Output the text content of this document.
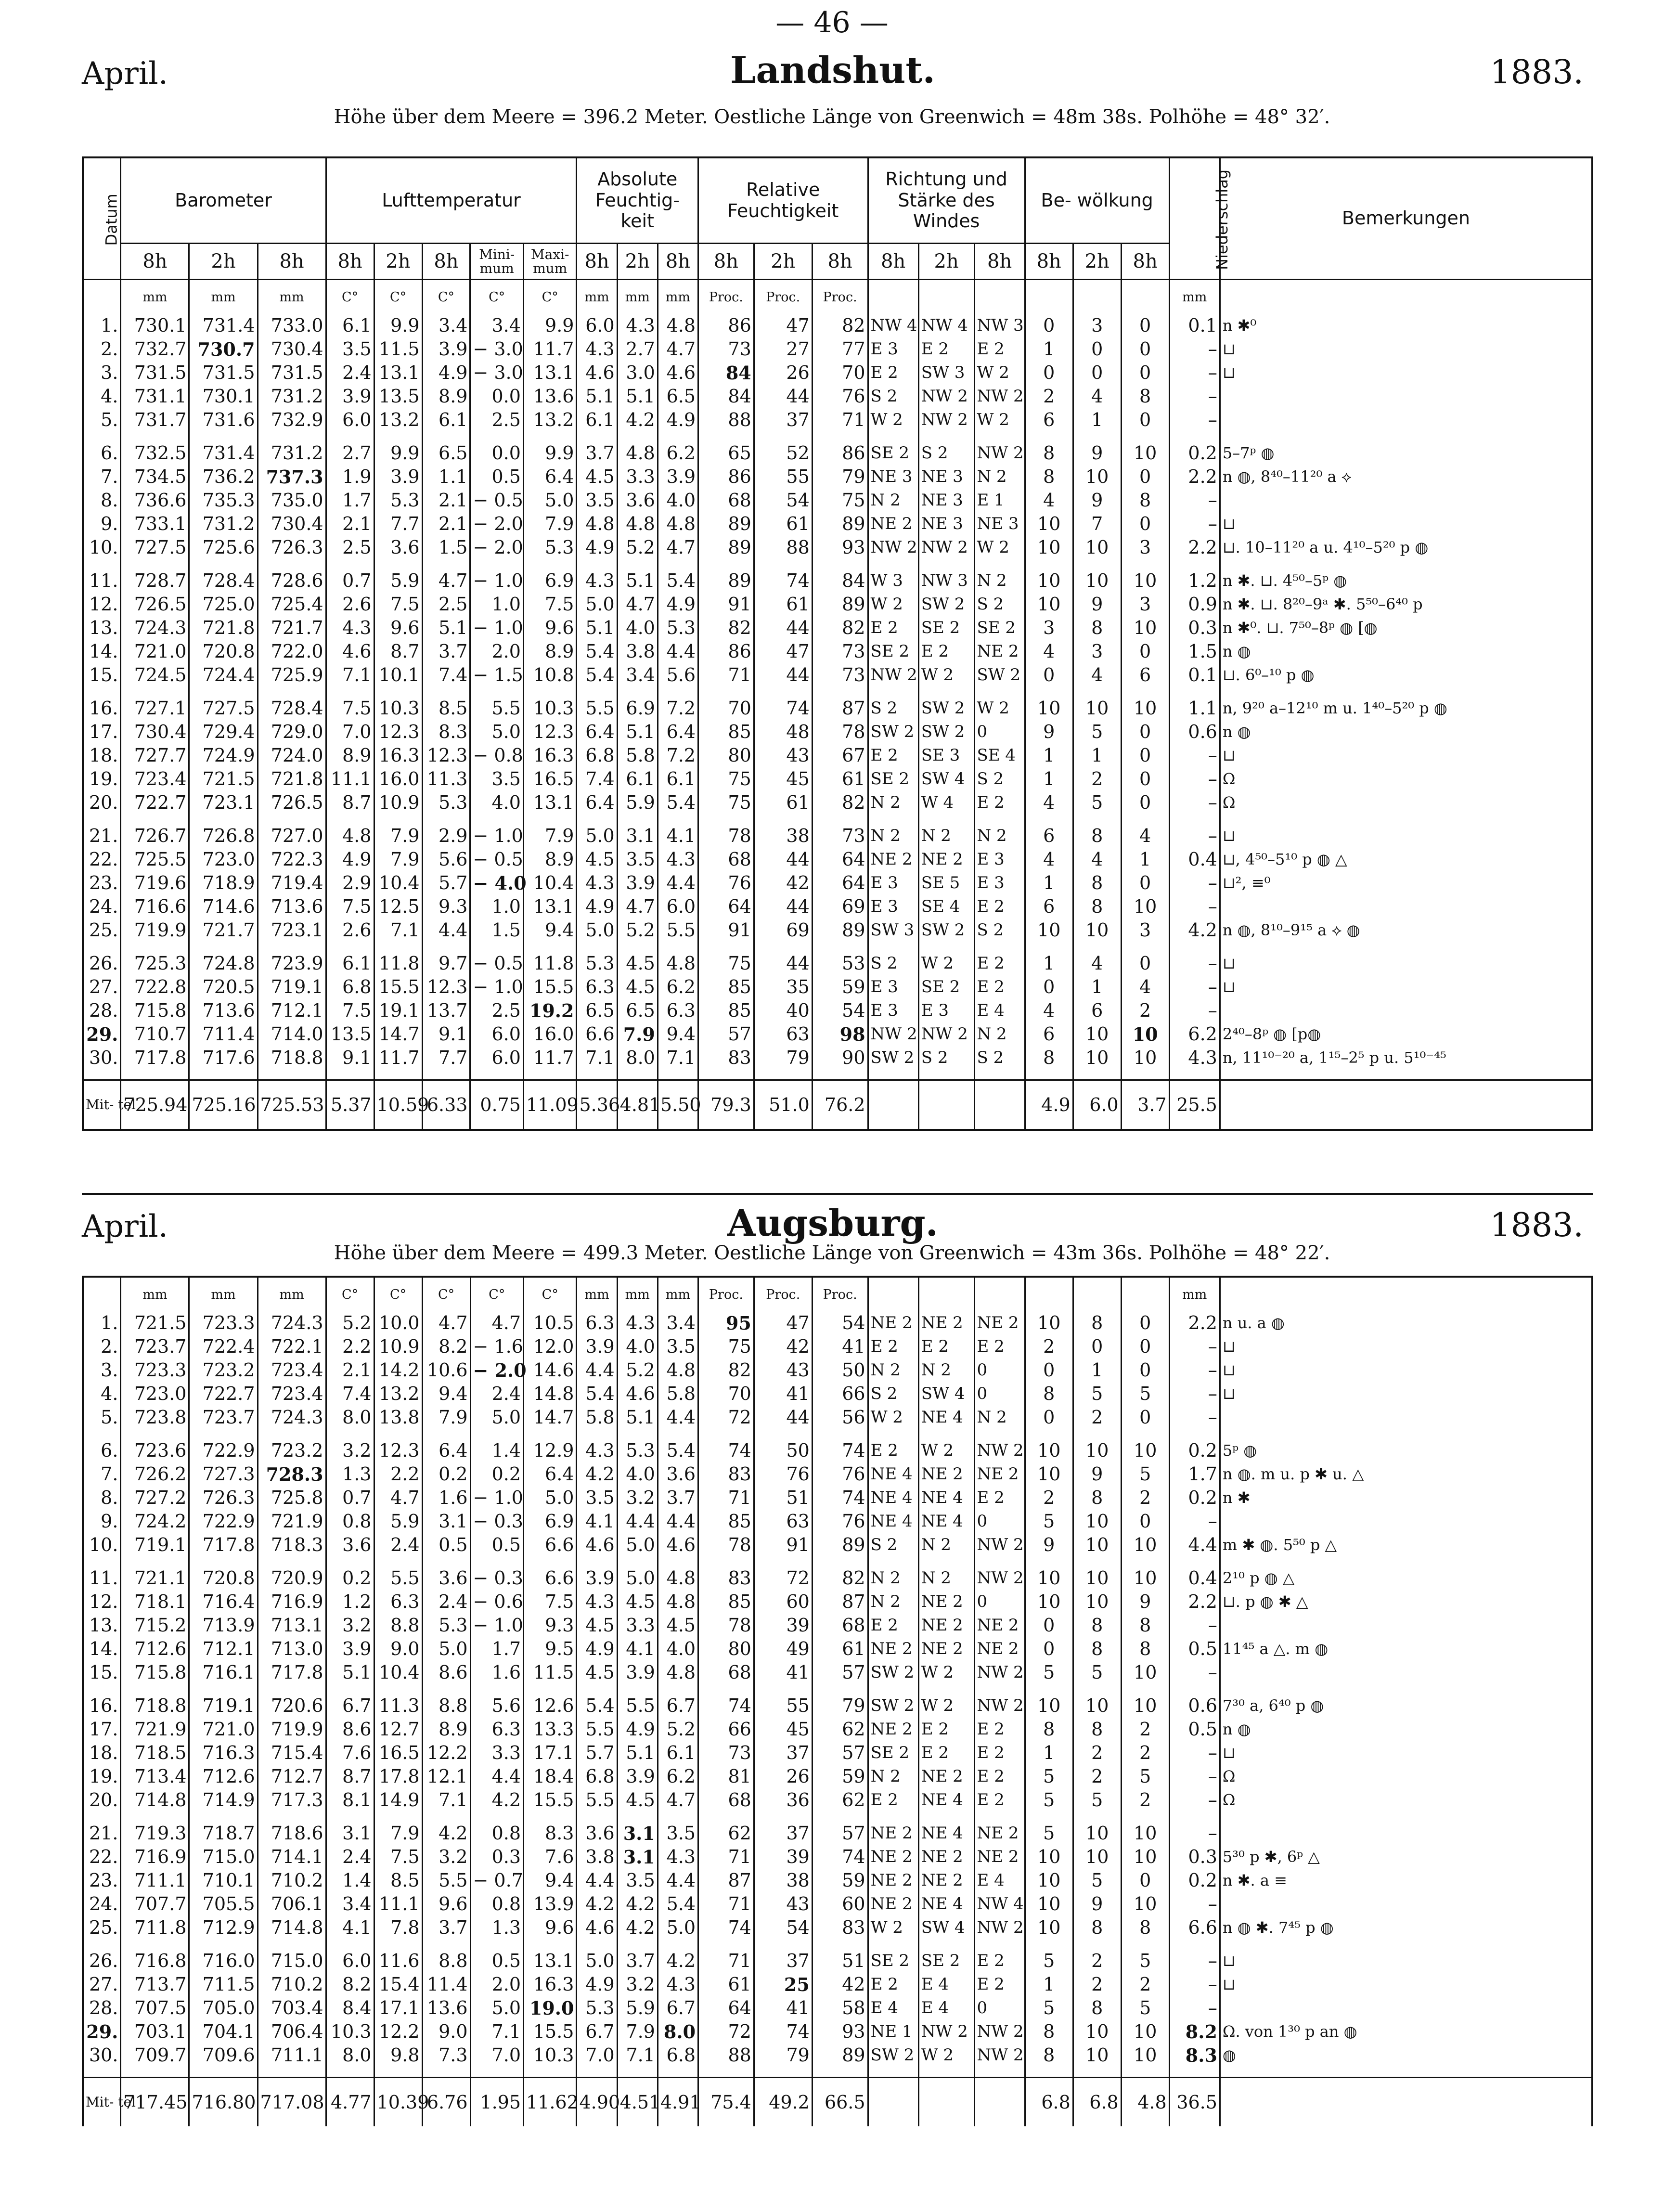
— 46 —
April.	Landshut.	1883.
Höhe über dem Meere = 396.2 Meter. Oestliche Länge von Greenwich = 48m 38s. Polhöhe = 48° 32′.
Datum	Barometer			Lufttemperatur					Absolute Feuchtig- keit			Relative Feuchtigkeit			Richtung und Stärke des Windes			Be- wölkung			Niederschlag	Bemerkungen
	8h	2h	8h	8h	2h	8h	Mini- mum	Maxi- mum	8h	2h	8h	8h	2h	8h	8h	2h	8h	8h	2h	8h		
	mm	mm	mm	C°	C°	C°	C°	C°	mm	mm	mm	Proc.	Proc.	Proc.							mm	
1.	730.1	731.4	733.0	6.1	9.9	3.4	3.4	9.9	6.0	4.3	4.8	86	47	82	NW 4	NW 4	NW 3	0	3	0	0.1	n ✱⁰
2.	732.7	730.7	730.4	3.5	11.5	3.9	− 3.0	11.7	4.3	2.7	4.7	73	27	77	E 3	E 2	E 2	1	0	0	–	⊔
3.	731.5	731.5	731.5	2.4	13.1	4.9	− 3.0	13.1	4.6	3.0	4.6	84	26	70	E 2	SW 3	W 2	0	0	0	–	⊔
4.	731.1	730.1	731.2	3.9	13.5	8.9	0.0	13.6	5.1	5.1	6.5	84	44	76	S 2	NW 2	NW 2	2	4	8	–	
5.	731.7	731.6	732.9	6.0	13.2	6.1	2.5	13.2	6.1	4.2	4.9	88	37	71	W 2	NW 2	W 2	6	1	0	–	

6.	732.5	731.4	731.2	2.7	9.9	6.5	0.0	9.9	3.7	4.8	6.2	65	52	86	SE 2	S 2	NW 2	8	9	10	0.2	5–7ᵖ ◍
7.	734.5	736.2	737.3	1.9	3.9	1.1	0.5	6.4	4.5	3.3	3.9	86	55	79	NE 3	NE 3	N 2	8	10	0	2.2	n ◍, 8⁴⁰–11²⁰ a ⟡
8.	736.6	735.3	735.0	1.7	5.3	2.1	− 0.5	5.0	3.5	3.6	4.0	68	54	75	N 2	NE 3	E 1	4	9	8	–	
9.	733.1	731.2	730.4	2.1	7.7	2.1	− 2.0	7.9	4.8	4.8	4.8	89	61	89	NE 2	NE 3	NE 3	10	7	0	–	⊔
10.	727.5	725.6	726.3	2.5	3.6	1.5	− 2.0	5.3	4.9	5.2	4.7	89	88	93	NW 2	NW 2	W 2	10	10	3	2.2	⊔. 10–11²⁰ a u. 4¹⁰–5²⁰ p ◍

11.	728.7	728.4	728.6	0.7	5.9	4.7	− 1.0	6.9	4.3	5.1	5.4	89	74	84	W 3	NW 3	N 2	10	10	10	1.2	n ✱. ⊔. 4⁵⁰–5ᵖ ◍
12.	726.5	725.0	725.4	2.6	7.5	2.5	1.0	7.5	5.0	4.7	4.9	91	61	89	W 2	SW 2	S 2	10	9	3	0.9	n ✱. ⊔. 8²⁰–9ᵃ ✱. 5⁵⁰–6⁴⁰ p
13.	724.3	721.8	721.7	4.3	9.6	5.1	− 1.0	9.6	5.1	4.0	5.3	82	44	82	E 2	SE 2	SE 2	3	8	10	0.3	n ✱⁰. ⊔. 7⁵⁰–8ᵖ ◍ [◍
14.	721.0	720.8	722.0	4.6	8.7	3.7	2.0	8.9	5.4	3.8	4.4	86	47	73	SE 2	E 2	NE 2	4	3	0	1.5	n ◍
15.	724.5	724.4	725.9	7.1	10.1	7.4	− 1.5	10.8	5.4	3.4	5.6	71	44	73	NW 2	W 2	SW 2	0	4	6	0.1	⊔. 6⁰–¹⁰ p ◍

16.	727.1	727.5	728.4	7.5	10.3	8.5	5.5	10.3	5.5	6.9	7.2	70	74	87	S 2	SW 2	W 2	10	10	10	1.1	n, 9²⁰ a–12¹⁰ m u. 1⁴⁰–5²⁰ p ◍
17.	730.4	729.4	729.0	7.0	12.3	8.3	5.0	12.3	6.4	5.1	6.4	85	48	78	SW 2	SW 2	0	9	5	0	0.6	n ◍
18.	727.7	724.9	724.0	8.9	16.3	12.3	− 0.8	16.3	6.8	5.8	7.2	80	43	67	E 2	SE 3	SE 4	1	1	0	–	⊔
19.	723.4	721.5	721.8	11.1	16.0	11.3	3.5	16.5	7.4	6.1	6.1	75	45	61	SE 2	SW 4	S 2	1	2	0	–	Ω
20.	722.7	723.1	726.5	8.7	10.9	5.3	4.0	13.1	6.4	5.9	5.4	75	61	82	N 2	W 4	E 2	4	5	0	–	Ω

21.	726.7	726.8	727.0	4.8	7.9	2.9	− 1.0	7.9	5.0	3.1	4.1	78	38	73	N 2	N 2	N 2	6	8	4	–	⊔
22.	725.5	723.0	722.3	4.9	7.9	5.6	− 0.5	8.9	4.5	3.5	4.3	68	44	64	NE 2	NE 2	E 3	4	4	1	0.4	⊔, 4⁵⁰–5¹⁰ p ◍ △
23.	719.6	718.9	719.4	2.9	10.4	5.7	− 4.0	10.4	4.3	3.9	4.4	76	42	64	E 3	SE 5	E 3	1	8	0	–	⊔², ≡⁰
24.	716.6	714.6	713.6	7.5	12.5	9.3	1.0	13.1	4.9	4.7	6.0	64	44	69	E 3	SE 4	E 2	6	8	10	–	
25.	719.9	721.7	723.1	2.6	7.1	4.4	1.5	9.4	5.0	5.2	5.5	91	69	89	SW 3	SW 2	S 2	10	10	3	4.2	n ◍, 8¹⁰–9¹⁵ a ⟡ ◍

26.	725.3	724.8	723.9	6.1	11.8	9.7	− 0.5	11.8	5.3	4.5	4.8	75	44	53	S 2	W 2	E 2	1	4	0	–	⊔
27.	722.8	720.5	719.1	6.8	15.5	12.3	− 1.0	15.5	6.3	4.5	6.2	85	35	59	E 3	SE 2	E 2	0	1	4	–	⊔
28.	715.8	713.6	712.1	7.5	19.1	13.7	2.5	19.2	6.5	6.5	6.3	85	40	54	E 3	E 3	E 4	4	6	2	–	
29.	710.7	711.4	714.0	13.5	14.7	9.1	6.0	16.0	6.6	7.9	9.4	57	63	98	NW 2	NW 2	N 2	6	10	10	6.2	2⁴⁰–8ᵖ ◍ [p◍
30.	717.8	717.6	718.8	9.1	11.7	7.7	6.0	11.7	7.1	8.0	7.1	83	79	90	SW 2	S 2	S 2	8	10	10	4.3	n, 11¹⁰⁻²⁰ a, 1¹⁵–2⁵ p u. 5¹⁰⁻⁴⁵

Mit- tel	725.94	725.16	725.53	5.37	10.59	6.33	0.75	11.09	5.36	4.81	5.50	79.3	51.0	76.2				4.9	6.0	3.7	25.5	
April.	Augsburg.	1883.
Höhe über dem Meere = 499.3 Meter. Oestliche Länge von Greenwich = 43m 36s. Polhöhe = 48° 22′.
	mm	mm	mm	C°	C°	C°	C°	C°	mm	mm	mm	Proc.	Proc.	Proc.							mm	
1.	721.5	723.3	724.3	5.2	10.0	4.7	4.7	10.5	6.3	4.3	3.4	95	47	54	NE 2	NE 2	NE 2	10	8	0	2.2	n u. a ◍
2.	723.7	722.4	722.1	2.2	10.9	8.2	− 1.6	12.0	3.9	4.0	3.5	75	42	41	E 2	E 2	E 2	2	0	0	–	⊔
3.	723.3	723.2	723.4	2.1	14.2	10.6	− 2.0	14.6	4.4	5.2	4.8	82	43	50	N 2	N 2	0	0	1	0	–	⊔
4.	723.0	722.7	723.4	7.4	13.2	9.4	2.4	14.8	5.4	4.6	5.8	70	41	66	S 2	SW 4	0	8	5	5	–	⊔
5.	723.8	723.7	724.3	8.0	13.8	7.9	5.0	14.7	5.8	5.1	4.4	72	44	56	W 2	NE 4	N 2	0	2	0	–	

6.	723.6	722.9	723.2	3.2	12.3	6.4	1.4	12.9	4.3	5.3	5.4	74	50	74	E 2	W 2	NW 2	10	10	10	0.2	5ᵖ ◍
7.	726.2	727.3	728.3	1.3	2.2	0.2	0.2	6.4	4.2	4.0	3.6	83	76	76	NE 4	NE 2	NE 2	10	9	5	1.7	n ◍. m u. p ✱ u. △
8.	727.2	726.3	725.8	0.7	4.7	1.6	− 1.0	5.0	3.5	3.2	3.7	71	51	74	NE 4	NE 4	E 2	2	8	2	0.2	n ✱
9.	724.2	722.9	721.9	0.8	5.9	3.1	− 0.3	6.9	4.1	4.4	4.4	85	63	76	NE 4	NE 4	0	5	10	0	–	
10.	719.1	717.8	718.3	3.6	2.4	0.5	0.5	6.6	4.6	5.0	4.6	78	91	89	S 2	N 2	NW 2	9	10	10	4.4	m ✱ ◍. 5⁵⁰ p △

11.	721.1	720.8	720.9	0.2	5.5	3.6	− 0.3	6.6	3.9	5.0	4.8	83	72	82	N 2	N 2	NW 2	10	10	10	0.4	2¹⁰ p ◍ △
12.	718.1	716.4	716.9	1.2	6.3	2.4	− 0.6	7.5	4.3	4.5	4.8	85	60	87	N 2	NE 2	0	10	10	9	2.2	⊔. p ◍ ✱ △
13.	715.2	713.9	713.1	3.2	8.8	5.3	− 1.0	9.3	4.5	3.3	4.5	78	39	68	E 2	NE 2	NE 2	0	8	8	–	
14.	712.6	712.1	713.0	3.9	9.0	5.0	1.7	9.5	4.9	4.1	4.0	80	49	61	NE 2	NE 2	NE 2	0	8	8	0.5	11⁴⁵ a △. m ◍
15.	715.8	716.1	717.8	5.1	10.4	8.6	1.6	11.5	4.5	3.9	4.8	68	41	57	SW 2	W 2	NW 2	5	5	10	–	

16.	718.8	719.1	720.6	6.7	11.3	8.8	5.6	12.6	5.4	5.5	6.7	74	55	79	SW 2	W 2	NW 2	10	10	10	0.6	7³⁰ a, 6⁴⁰ p ◍
17.	721.9	721.0	719.9	8.6	12.7	8.9	6.3	13.3	5.5	4.9	5.2	66	45	62	NE 2	E 2	E 2	8	8	2	0.5	n ◍
18.	718.5	716.3	715.4	7.6	16.5	12.2	3.3	17.1	5.7	5.1	6.1	73	37	57	SE 2	E 2	E 2	1	2	2	–	⊔
19.	713.4	712.6	712.7	8.7	17.8	12.1	4.4	18.4	6.8	3.9	6.2	81	26	59	N 2	NE 2	E 2	5	2	5	–	Ω
20.	714.8	714.9	717.3	8.1	14.9	7.1	4.2	15.5	5.5	4.5	4.7	68	36	62	E 2	NE 4	E 2	5	5	2	–	Ω

21.	719.3	718.7	718.6	3.1	7.9	4.2	0.8	8.3	3.6	3.1	3.5	62	37	57	NE 2	NE 4	NE 2	5	10	10	–	
22.	716.9	715.0	714.1	2.4	7.5	3.2	0.3	7.6	3.8	3.1	4.3	71	39	74	NE 2	NE 2	NE 2	10	10	10	0.3	5³⁰ p ✱, 6ᵖ △
23.	711.1	710.1	710.2	1.4	8.5	5.5	− 0.7	9.4	4.4	3.5	4.4	87	38	59	NE 2	NE 2	E 4	10	5	0	0.2	n ✱. a ≡
24.	707.7	705.5	706.1	3.4	11.1	9.6	0.8	13.9	4.2	4.2	5.4	71	43	60	NE 2	NE 4	NW 4	10	9	10	–	
25.	711.8	712.9	714.8	4.1	7.8	3.7	1.3	9.6	4.6	4.2	5.0	74	54	83	W 2	SW 4	NW 2	10	8	8	6.6	n ◍ ✱. 7⁴⁵ p ◍

26.	716.8	716.0	715.0	6.0	11.6	8.8	0.5	13.1	5.0	3.7	4.2	71	37	51	SE 2	SE 2	E 2	5	2	5	–	⊔
27.	713.7	711.5	710.2	8.2	15.4	11.4	2.0	16.3	4.9	3.2	4.3	61	25	42	E 2	E 4	E 2	1	2	2	–	⊔
28.	707.5	705.0	703.4	8.4	17.1	13.6	5.0	19.0	5.3	5.9	6.7	64	41	58	E 4	E 4	0	5	8	5	–	
29.	703.1	704.1	706.4	10.3	12.2	9.0	7.1	15.5	6.7	7.9	8.0	72	74	93	NE 1	NW 2	NW 2	8	10	10	8.2	Ω. von 1³⁰ p an ◍
30.	709.7	709.6	711.1	8.0	9.8	7.3	7.0	10.3	7.0	7.1	6.8	88	79	89	SW 2	W 2	NW 2	8	10	10	8.3	◍

Mit- tel	717.45	716.80	717.08	4.77	10.39	6.76	1.95	11.62	4.90	4.51	4.91	75.4	49.2	66.5				6.8	6.8	4.8	36.5	
